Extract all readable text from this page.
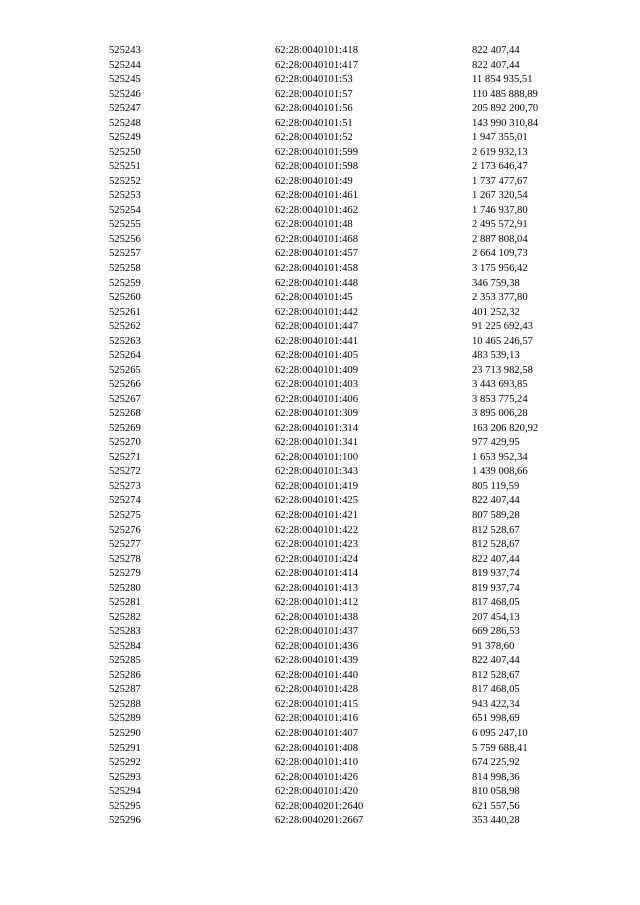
525243	62:28:0040101:418	822 407,44
525244	62:28:0040101:417	822 407,44
525245	62:28:0040101:53	11 854 935,51
525246	62:28:0040101:57	110 485 888,89
525247	62:28:0040101:56	205 892 200,70
525248	62:28:0040101:51	143 990 310,84
525249	62:28:0040101:52	1 947 355,01
525250	62:28:0040101:599	2 619 932,13
525251	62:28:0040101:598	2 173 646,47
525252	62:28:0040101:49	1 737 477,67
525253	62:28:0040101:461	1 267 320,54
525254	62:28:0040101:462	1 746 937,80
525255	62:28:0040101:48	2 495 572,91
525256	62:28:0040101:468	2 887 808,04
525257	62:28:0040101:457	2 664 109,73
525258	62:28:0040101:458	3 175 956,42
525259	62:28:0040101:448	346 759,38
525260	62:28:0040101:45	2 353 377,80
525261	62:28:0040101:442	401 252,32
525262	62:28:0040101:447	91 225 692,43
525263	62:28:0040101:441	10 465 246,57
525264	62:28:0040101:405	483 539,13
525265	62:28:0040101:409	23 713 982,58
525266	62:28:0040101:403	3 443 693,85
525267	62:28:0040101:406	3 853 775,24
525268	62:28:0040101:309	3 895 006,28
525269	62:28:0040101:314	163 206 820,92
525270	62:28:0040101:341	977 429,95
525271	62:28:0040101:100	1 653 952,34
525272	62:28:0040101:343	1 439 008,66
525273	62:28:0040101:419	805 119,59
525274	62:28:0040101:425	822 407,44
525275	62:28:0040101:421	807 589,28
525276	62:28:0040101:422	812 528,67
525277	62:28:0040101:423	812 528,67
525278	62:28:0040101:424	822 407,44
525279	62:28:0040101:414	819 937,74
525280	62:28:0040101:413	819 937,74
525281	62:28:0040101:412	817 468,05
525282	62:28:0040101:438	207 454,13
525283	62:28:0040101:437	669 286,53
525284	62:28:0040101:436	91 378,60
525285	62:28:0040101:439	822 407,44
525286	62:28:0040101:440	812 528,67
525287	62:28:0040101:428	817 468,05
525288	62:28:0040101:415	943 422,34
525289	62:28:0040101:416	651 998,69
525290	62:28:0040101:407	6 095 247,10
525291	62:28:0040101:408	5 759 688,41
525292	62:28:0040101:410	674 225,92
525293	62:28:0040101:426	814 998,36
525294	62:28:0040101:420	810 058,98
525295	62:28:0040201:2640	621 557,56
525296	62:28:0040201:2667	353 440,28
